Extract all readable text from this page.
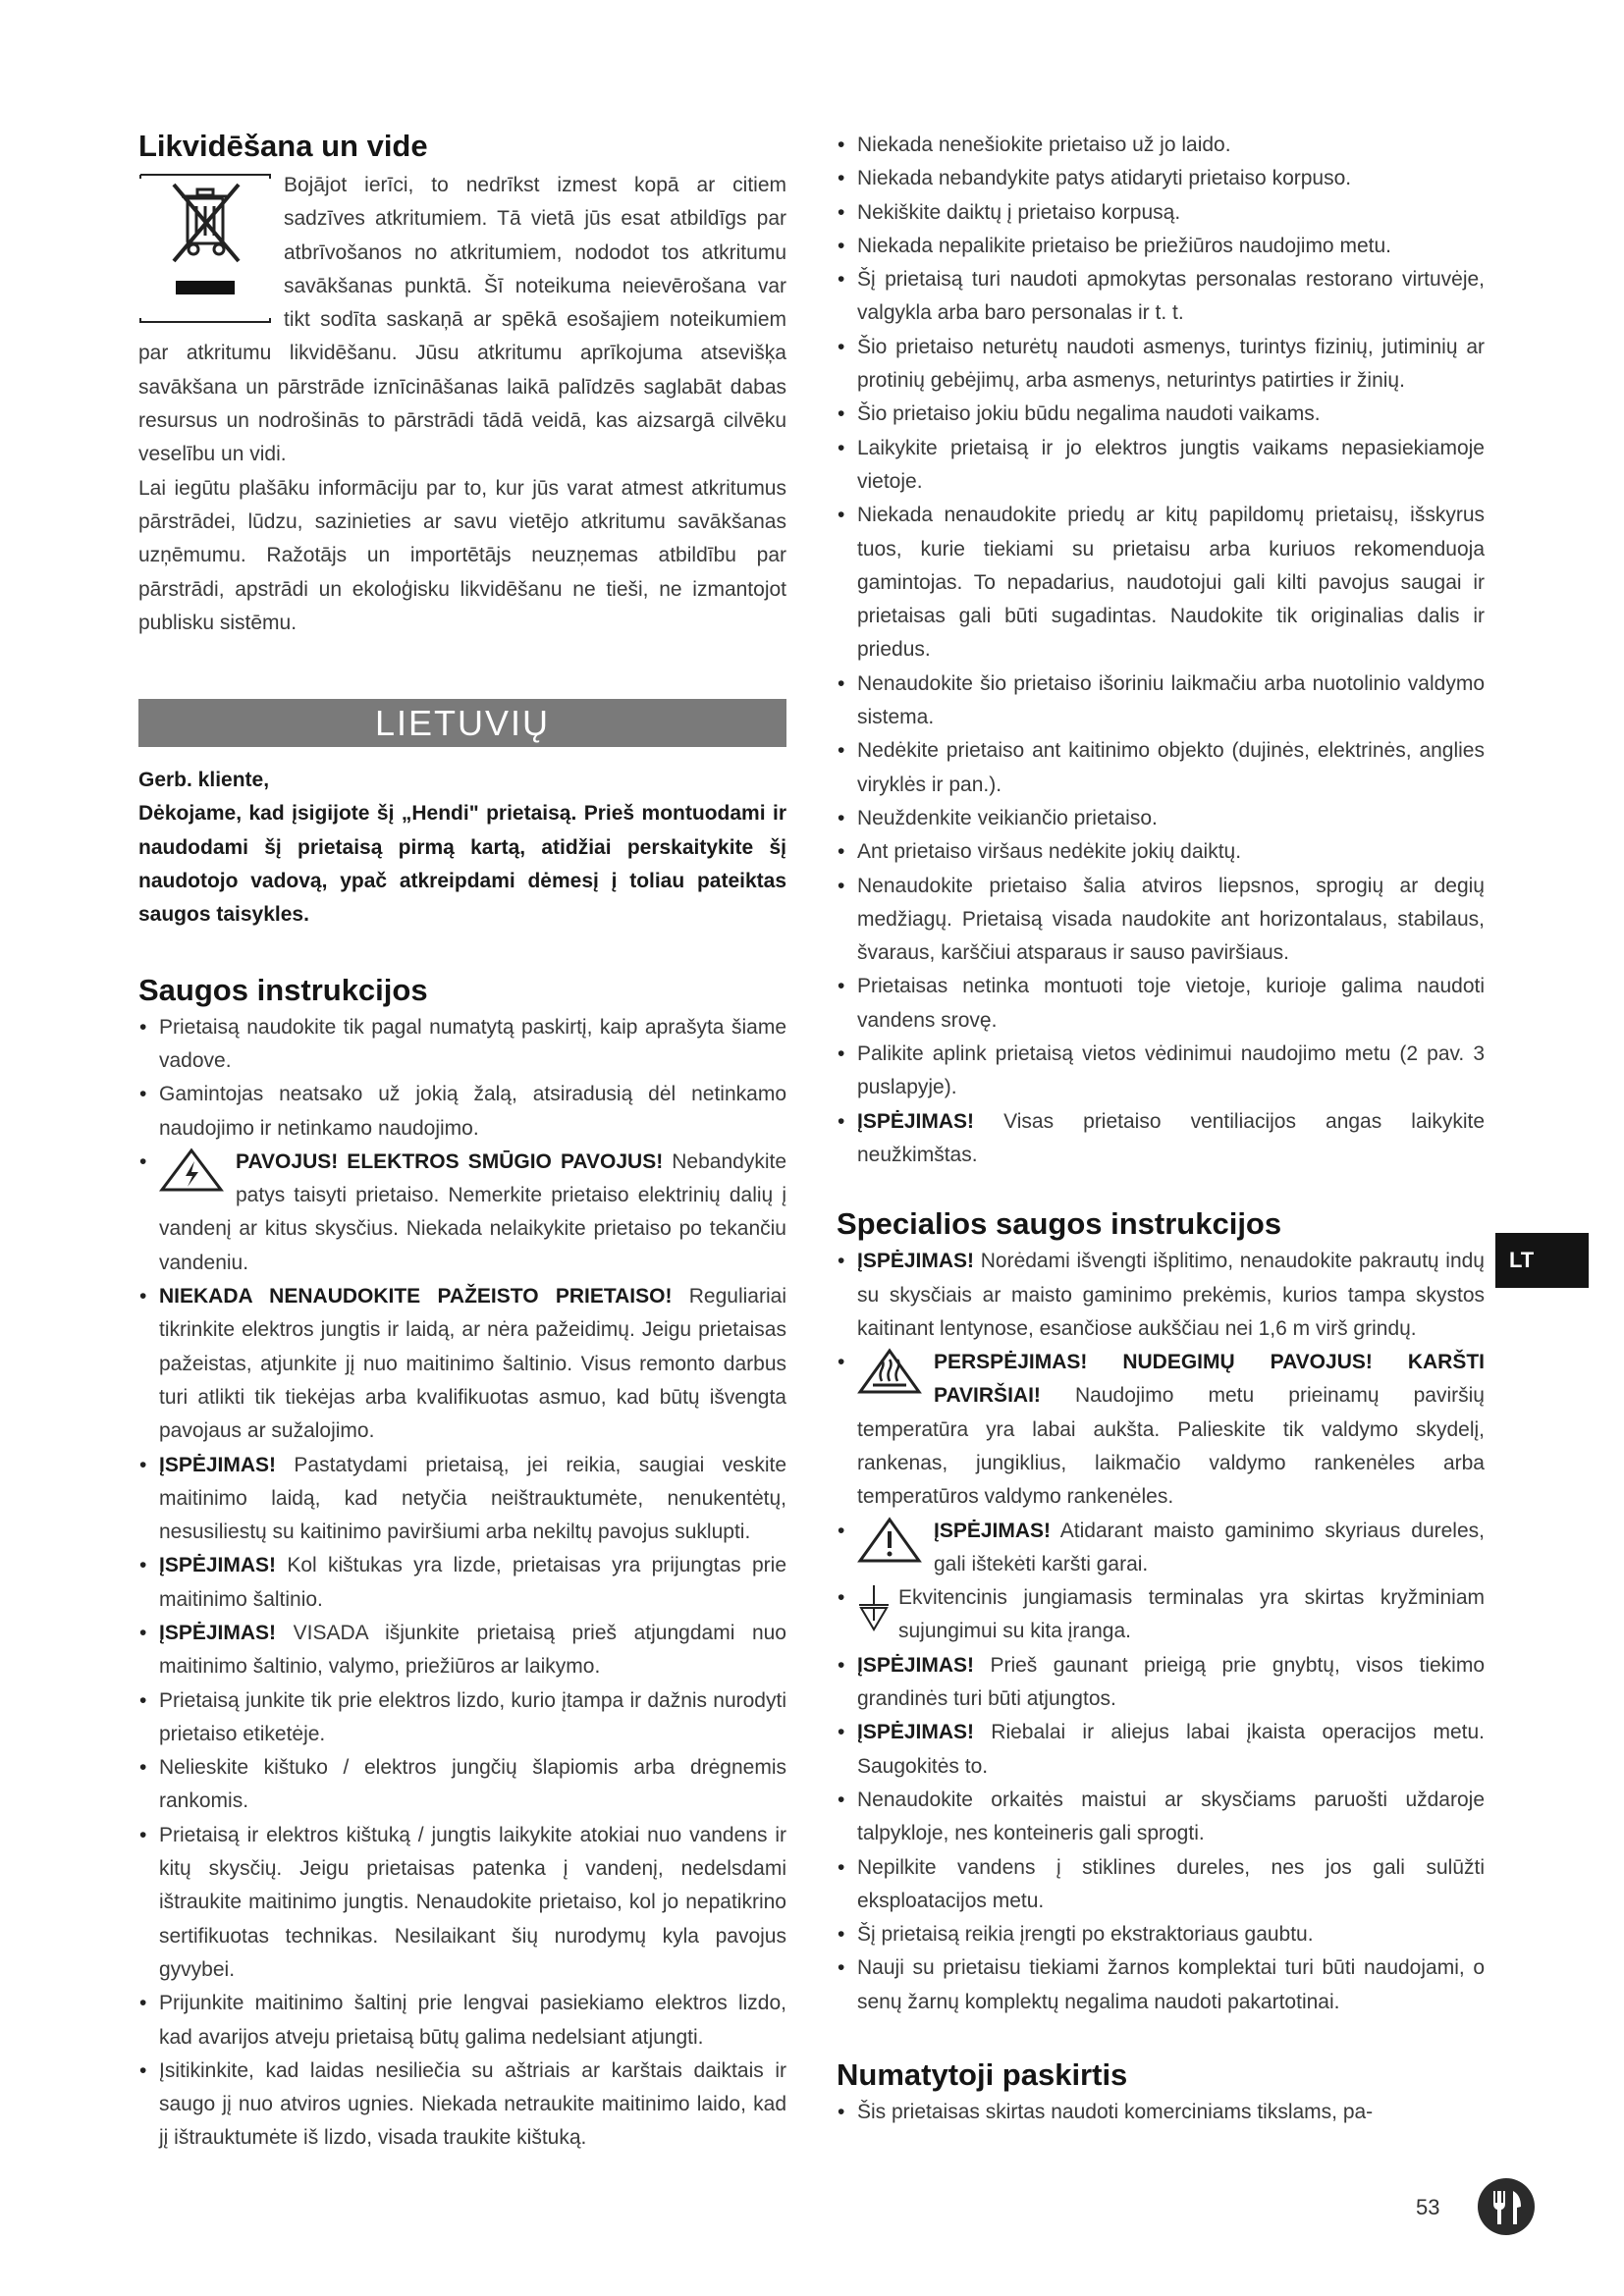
Likvidēšana un vide

Bojājot ierīci, to nedrīkst izmest kopā ar citiem sadzīves atkritumiem. Tā vietā jūs esat atbildīgs par atbrīvošanos no atkritumiem, nododot tos atkritumu savākšanas punktā. Šī noteikuma neievērošana var tikt sodīta saskaņā ar spēkā esošajiem noteikumiem par atkritumu likvidēšanu. Jūsu atkritumu aprīkojuma atsevišķa savākšana un pārstrāde iznīcināšanas laikā palīdzēs saglabāt dabas resursus un nodrošinās to pārstrādi tādā veidā, kas aizsargā cilvēku veselību un vidi.

Lai iegūtu plašāku informāciju par to, kur jūs varat atmest atkritumus pārstrādei, lūdzu, sazinieties ar savu vietējo atkritumu savākšanas uzņēmumu. Ražotājs un importētājs neuzņemas atbildību par pārstrādi, apstrādi un ekoloģisku likvidēšanu ne tieši, ne izmantojot publisku sistēmu.

LIETUVIŲ

Gerb. kliente,

Dėkojame, kad įsigijote šį „Hendi" prietaisą. Prieš montuodami ir naudodami šį prietaisą pirmą kartą, atidžiai perskaitykite šį naudotojo vadovą, ypač atkreipdami dėmesį į toliau pateiktas saugos taisykles.

Saugos instrukcijos
• Prietaisą naudokite tik pagal numatytą paskirtį, kaip aprašyta šiame vadove.
• Gamintojas neatsako už jokią žalą, atsiradusią dėl netinkamo naudojimo ir netinkamo naudojimo.
•	PAVOJUS! ELEKTROS SMŪGIO PAVOJUS! Nebandykite patys taisyti prietaiso. Nemerkite prietaiso elektrinių dalių į vandenį ar kitus skysčius. Niekada nelaikykite prietaiso po tekančiu vandeniu.
• NIEKADA NENAUDOKITE PAŽEISTO PRIETAISO! Reguliariai tikrinkite elektros jungtis ir laidą, ar nėra pažeidimų. Jeigu prietaisas pažeistas, atjunkite jį nuo maitinimo šaltinio. Visus remonto darbus turi atlikti tik tiekėjas arba kvalifikuotas asmuo, kad būtų išvengta pavojaus ar sužalojimo.
• ĮSPĖJIMAS! Pastatydami prietaisą, jei reikia, saugiai veskite maitinimo laidą, kad netyčia neištrauktumėte, nenukentėtų, nesusiliestų su kaitinimo paviršiumi arba nekiltų pavojus suklupti.
• ĮSPĖJIMAS! Kol kištukas yra lizde, prietaisas yra prijungtas prie maitinimo šaltinio.
• ĮSPĖJIMAS! VISADA išjunkite prietaisą prieš atjungdami nuo maitinimo šaltinio, valymo, priežiūros ar laikymo.
• Prietaisą junkite tik prie elektros lizdo, kurio įtampa ir dažnis nurodyti prietaiso etiketėje.
• Nelieskite kištuko / elektros jungčių šlapiomis arba drėgnemis rankomis.
• Prietaisą ir elektros kištuką / jungtis laikykite atokiai nuo vandens ir kitų skysčių. Jeigu prietaisas patenka į vandenį, nedelsdami ištraukite maitinimo jungtis. Nenaudokite prietaiso, kol jo nepatikrino sertifikuotas technikas. Nesilaikant šių nurodymų kyla pavojus gyvybei.
• Prijunkite maitinimo šaltinį prie lengvai pasiekiamo elektros lizdo, kad avarijos atveju prietaisą būtų galima nedelsiant atjungti.
• Įsitikinkite, kad laidas nesiliečia su aštriais ar karštais daiktais ir saugo jį nuo atviros ugnies. Niekada netraukite maitinimo laido, kad jį ištrauktumėte iš lizdo, visada traukite kištuką.
• Niekada nenešiokite prietaiso už jo laido.
• Niekada nebandykite patys atidaryti prietaiso korpuso.
• Nekiškite daiktų į prietaiso korpusą.
• Niekada nepalikite prietaiso be priežiūros naudojimo metu.
• Šį prietaisą turi naudoti apmokytas personalas restorano virtuvėje, valgykla arba baro personalas ir t. t.
• Šio prietaiso neturėtų naudoti asmenys, turintys fizinių, jutiminių ar protinių gebėjimų, arba asmenys, neturintys patirties ir žinių.
• Šio prietaiso jokiu būdu negalima naudoti vaikams.
• Laikykite prietaisą ir jo elektros jungtis vaikams nepasiekiamoje vietoje.
• Niekada nenaudokite priedų ar kitų papildomų prietaisų, išskyrus tuos, kurie tiekiami su prietaisu arba kuriuos rekomenduoja gamintojas. To nepadarius, naudotojui gali kilti pavojus saugai ir prietaisas gali būti sugadintas. Naudokite tik originalias dalis ir priedus.
• Nenaudokite šio prietaiso išoriniu laikmačiu arba nuotolinio valdymo sistema.
• Nedėkite prietaiso ant kaitinimo objekto (dujinės, elektrinės, anglies viryklės ir pan.).
• Neuždenkite veikiančio prietaiso.
• Ant prietaiso viršaus nedėkite jokių daiktų.
• Nenaudokite prietaiso šalia atviros liepsnos, sprogių ar degių medžiagų. Prietaisą visada naudokite ant horizontalaus, stabilaus, švaraus, karščiui atsparaus ir sauso paviršiaus.
• Prietaisas netinka montuoti toje vietoje, kurioje galima naudoti vandens srovę.
• Palikite aplink prietaisą vietos vėdinimui naudojimo metu (2 pav. 3 puslapyje).
• ĮSPĖJIMAS! Visas prietaiso ventiliacijos angas laikykite neužkimštas.
Specialios saugos instrukcijos
• ĮSPĖJIMAS! Norėdami išvengti išplitimo, nenaudokite pakrautų indų su skysčiais ar maisto gaminimo prekėmis, kurios tampa skystos kaitinant lentynose, esančiose aukščiau nei 1,6 m virš grindų.
•	PERSPĖJIMAS! NUDEGIMŲ PAVOJUS! KARŠTI PAVIRŠIAI! Naudojimo metu prieinamų paviršių temperatūra yra labai aukšta. Palieskite tik valdymo skydelį, rankenas, jungiklius, laikmačio valdymo rankenėles arba temperatūros valdymo rankenėles.
•	ĮSPĖJIMAS! Atidarant maisto gaminimo skyriaus dureles, gali ištekėti karšti garai.
•	Ekvitencinis jungiamasis terminalas yra skirtas kryžminiam sujungimui su kita įranga.
• ĮSPĖJIMAS! Prieš gaunant prieigą prie gnybtų, visos tiekimo grandinės turi būti atjungtos.
• ĮSPĖJIMAS! Riebalai ir aliejus labai įkaista operacijos metu. Saugokitės to.
• Nenaudokite orkaitės maistui ar skysčiams paruošti uždaroje talpykloje, nes konteineris gali sprogti.
• Nepilkite vandens į stiklines dureles, nes jos gali sulūžti eksploatacijos metu.
• Šį prietaisą reikia įrengti po ekstraktoriaus gaubtu.
• Nauji su prietaisu tiekiami žarnos komplektai turi būti naudojami, o senų žarnų komplektų negalima naudoti pakartotinai.
Numatytoji paskirtis
• Šis prietaisas skirtas naudoti komerciniams tikslams, pa-
LT
53
